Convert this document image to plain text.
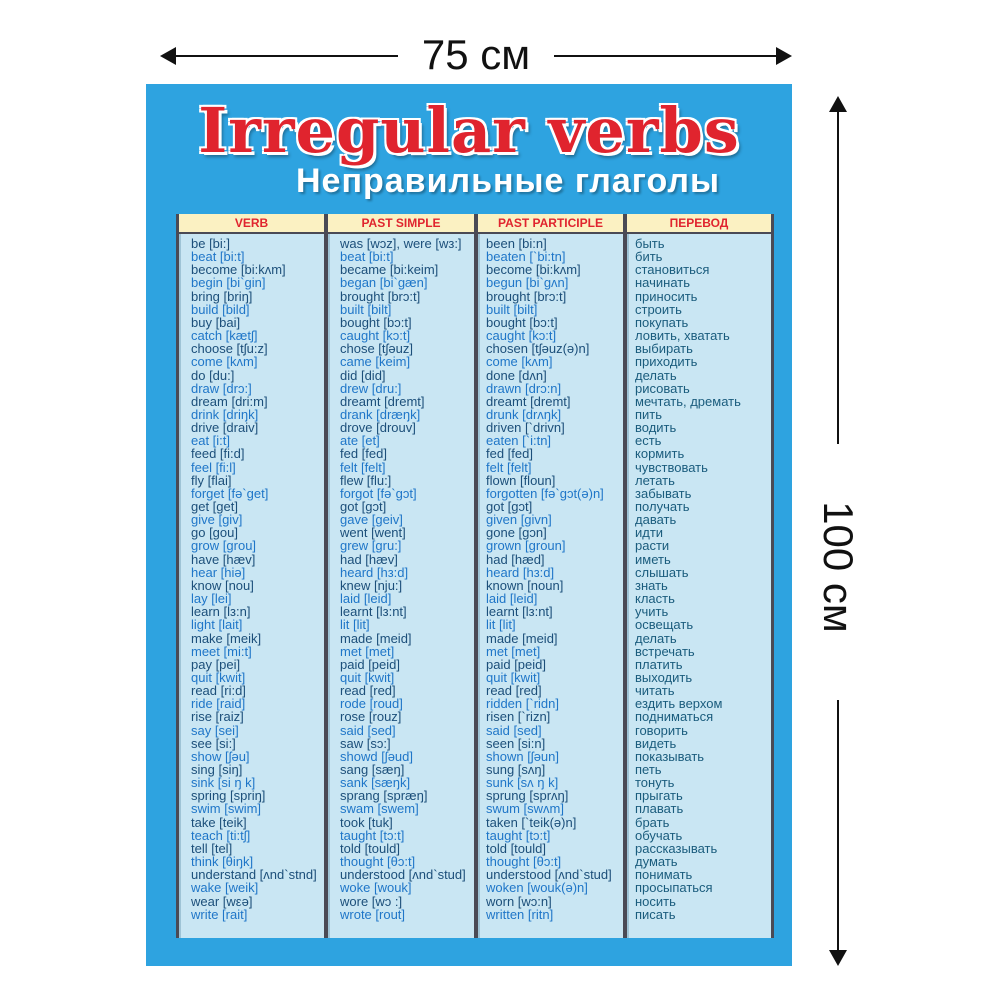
75 см
100 см
Irregular verbs
Неправильные глаголы
VERB
be [bi:]
beat [bi:t]
become [bi:kʌm]
begin [bi`gin]
bring [briŋ]
build [bild]
buy [bai]
catch [kætʃ]
choose [tʃu:z]
come [kʌm]
do [du:]
draw [drɔ:]
dream [dri:m]
drink [driŋk]
drive [draiv]
eat [i:t]
feed [fi:d]
feel [fi:l]
fly [flai]
forget [fə`get]
get [get]
give [giv]
go [gou]
grow [grou]
have [hæv]
hear [hiə]
know [nou]
lay [lei]
learn [lз:n]
light [lait]
make [meik]
meet [mi:t]
pay [pei]
quit [kwit]
read [ri:d]
ride [raid]
rise [raiz]
say [sei]
see [si:]
show [ʃəu]
sing [siŋ]
sink [si ŋ k]
spring [spriŋ]
swim [swim]
take [teik]
teach [ti:tʃ]
tell [tel]
think [θiŋk]
understand [ʌnd`stnd]
wake [weik]
wear [wεə]
write [rait]
PAST SIMPLE
was [wɔz], were [wз:]
beat [bi:t]
became [bi:keim]
began [bi`gæn]
brought [brɔ:t]
built [bilt]
bought [bɔ:t]
caught [kɔ:t]
chose [tʃəuz]
came [keim]
did [did]
drew [dru:]
dreamt [dremt]
drank [dræŋk]
drove [drouv]
ate [et]
fed [fed]
felt [felt]
flew [flu:]
forgot [fə`gɔt]
got [gɔt]
gave [geiv]
went [went]
grew [gru:]
had [hæv]
heard [hз:d]
knew [nju:]
laid [leid]
learnt [lз:nt]
lit [lit]
made [meid]
met [met]
paid [peid]
quit [kwit]
read [red]
rode [roud]
rose [rouz]
said [sed]
saw [sɔ:]
showd [ʃəud]
sang [sæŋ]
sank [sæŋk]
sprang [spræŋ]
swam [swem]
took [tuk]
taught [tɔ:t]
told [tould]
thought [θɔ:t]
understood [ʌnd`stud]
woke [wouk]
wore [wɔ :]
wrote [rout]
PAST PARTICIPLE
been [bi:n]
beaten [`bi:tn]
become [bi:kʌm]
begun [bi`gʌn]
brought [brɔ:t]
built [bilt]
bought [bɔ:t]
caught [kɔ:t]
chosen [tʃəuz(ə)n]
come [kʌm]
done [dʌn]
drawn [drɔ:n]
dreamt [dremt]
drunk [drʌŋk]
driven [`drivn]
eaten [`i:tn]
fed [fed]
felt [felt]
flown [floun]
forgotten [fə`gɔt(ə)n]
got [gɔt]
given [givn]
gone [gɔn]
grown [groun]
had [hæd]
heard [hз:d]
known [noun]
laid [leid]
learnt [lз:nt]
lit [lit]
made [meid]
met [met]
paid [peid]
quit [kwit]
read [red]
ridden [`ridn]
risen [`rizn]
said [sed]
seen [si:n]
shown [ʃəun]
sung [sʌŋ]
sunk [sʌ ŋ k]
sprung [sprʌŋ]
swum [swʌm]
taken [`teik(ə)n]
taught [tɔ:t]
told [tould]
thought [θɔ:t]
understood [ʌnd`stud]
woken [wouk(ə)n]
worn [wɔ:n]
written [ritn]
ПЕРЕВОД
быть
бить
становиться
начинать
приносить
строить
покупать
ловить, хватать
выбирать
приходить
делать
рисовать
мечтать, дремать
пить
водить
есть
кормить
чувствовать
летать
забывать
получать
давать
идти
расти
иметь
слышать
знать
класть
учить
освещать
делать
встречать
платить
выходить
читать
ездить верхом
подниматься
говорить
видеть
показывать
петь
тонуть
прыгать
плавать
брать
обучать
рассказывать
думать
понимать
просыпаться
носить
писать
